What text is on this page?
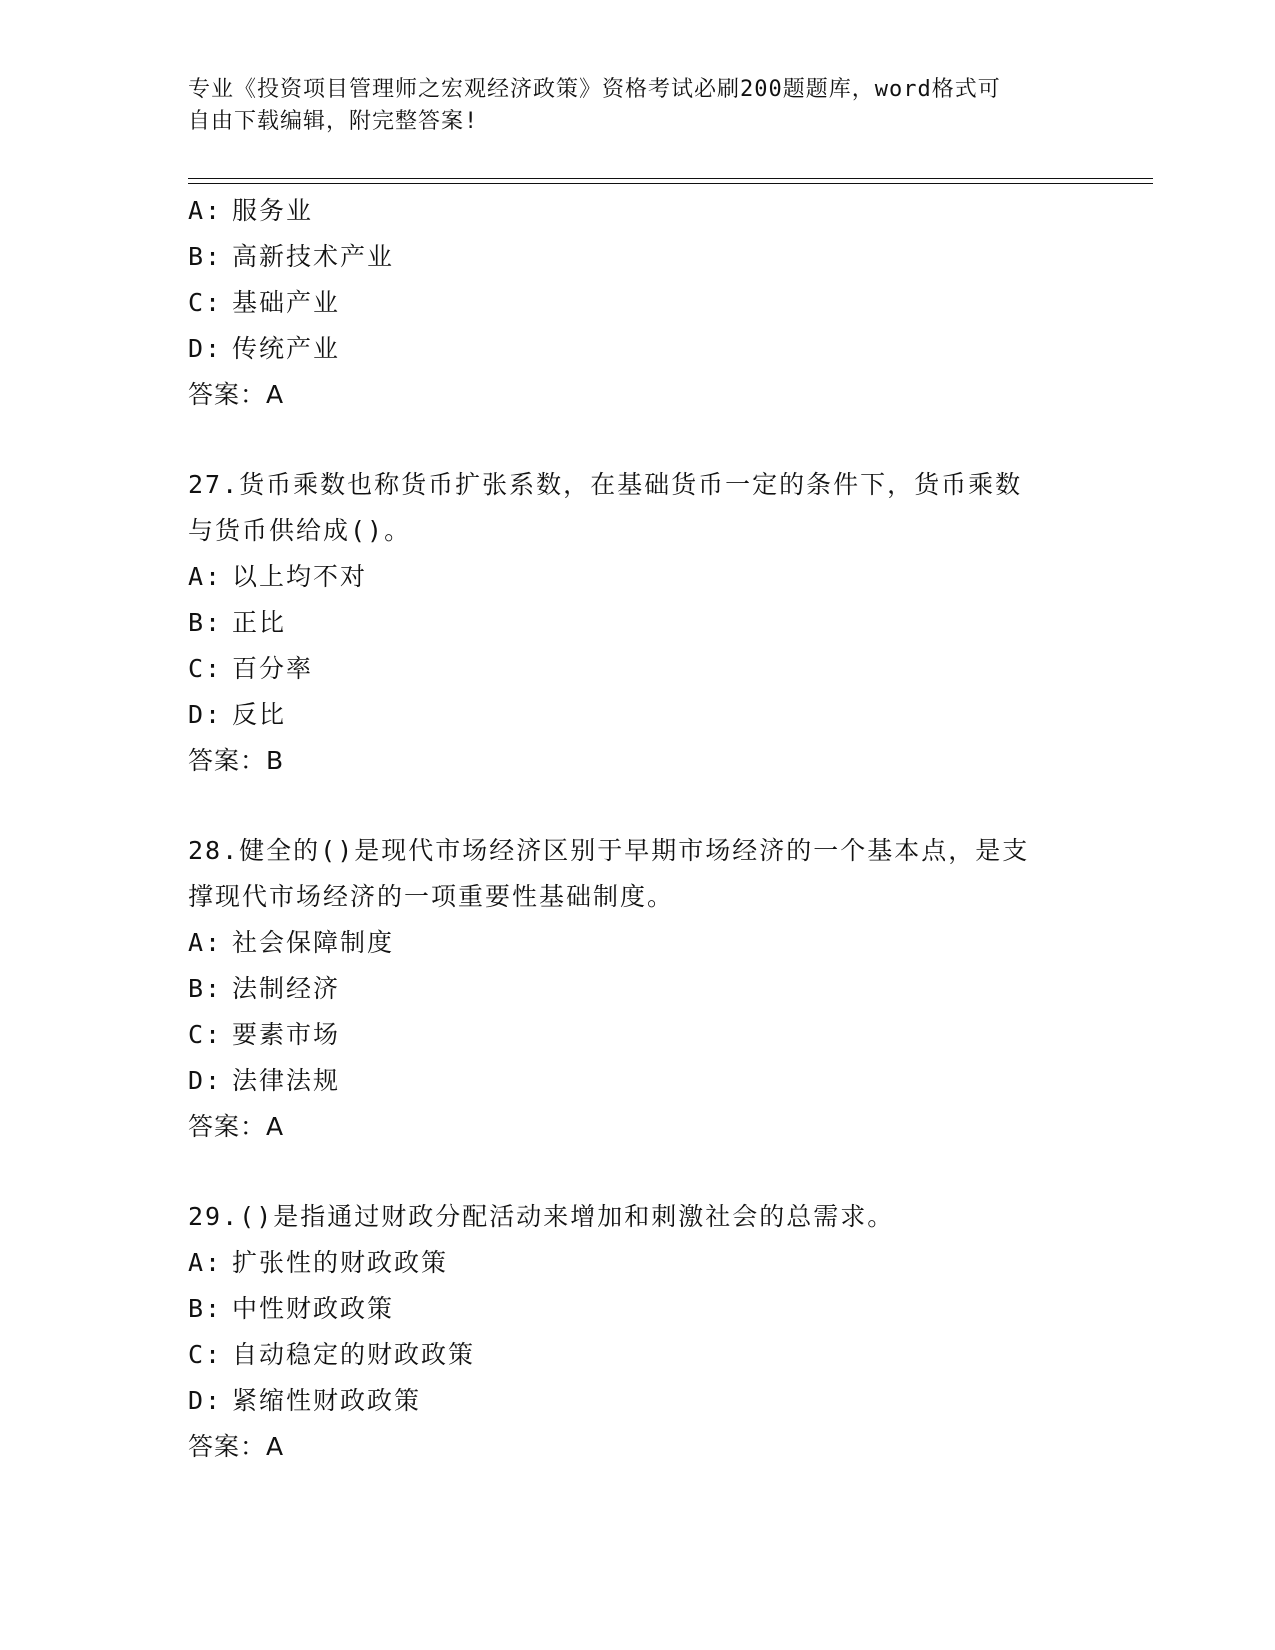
专业《投资项目管理师之宏观经济政策》资格考试必刷200题题库，word格式可
自由下载编辑，附完整答案!
A: 服务业
B: 高新技术产业
C: 基础产业
D: 传统产业
答案：A
27.货币乘数也称货币扩张系数，在基础货币一定的条件下，货币乘数
与货币供给成()。
A: 以上均不对
B: 正比
C: 百分率
D: 反比
答案：B
28.健全的()是现代市场经济区别于早期市场经济的一个基本点，是支
撑现代市场经济的一项重要性基础制度。
A: 社会保障制度
B: 法制经济
C: 要素市场
D: 法律法规
答案：A
29.()是指通过财政分配活动来增加和刺激社会的总需求。
A: 扩张性的财政政策
B: 中性财政政策
C: 自动稳定的财政政策
D: 紧缩性财政政策
答案：A
